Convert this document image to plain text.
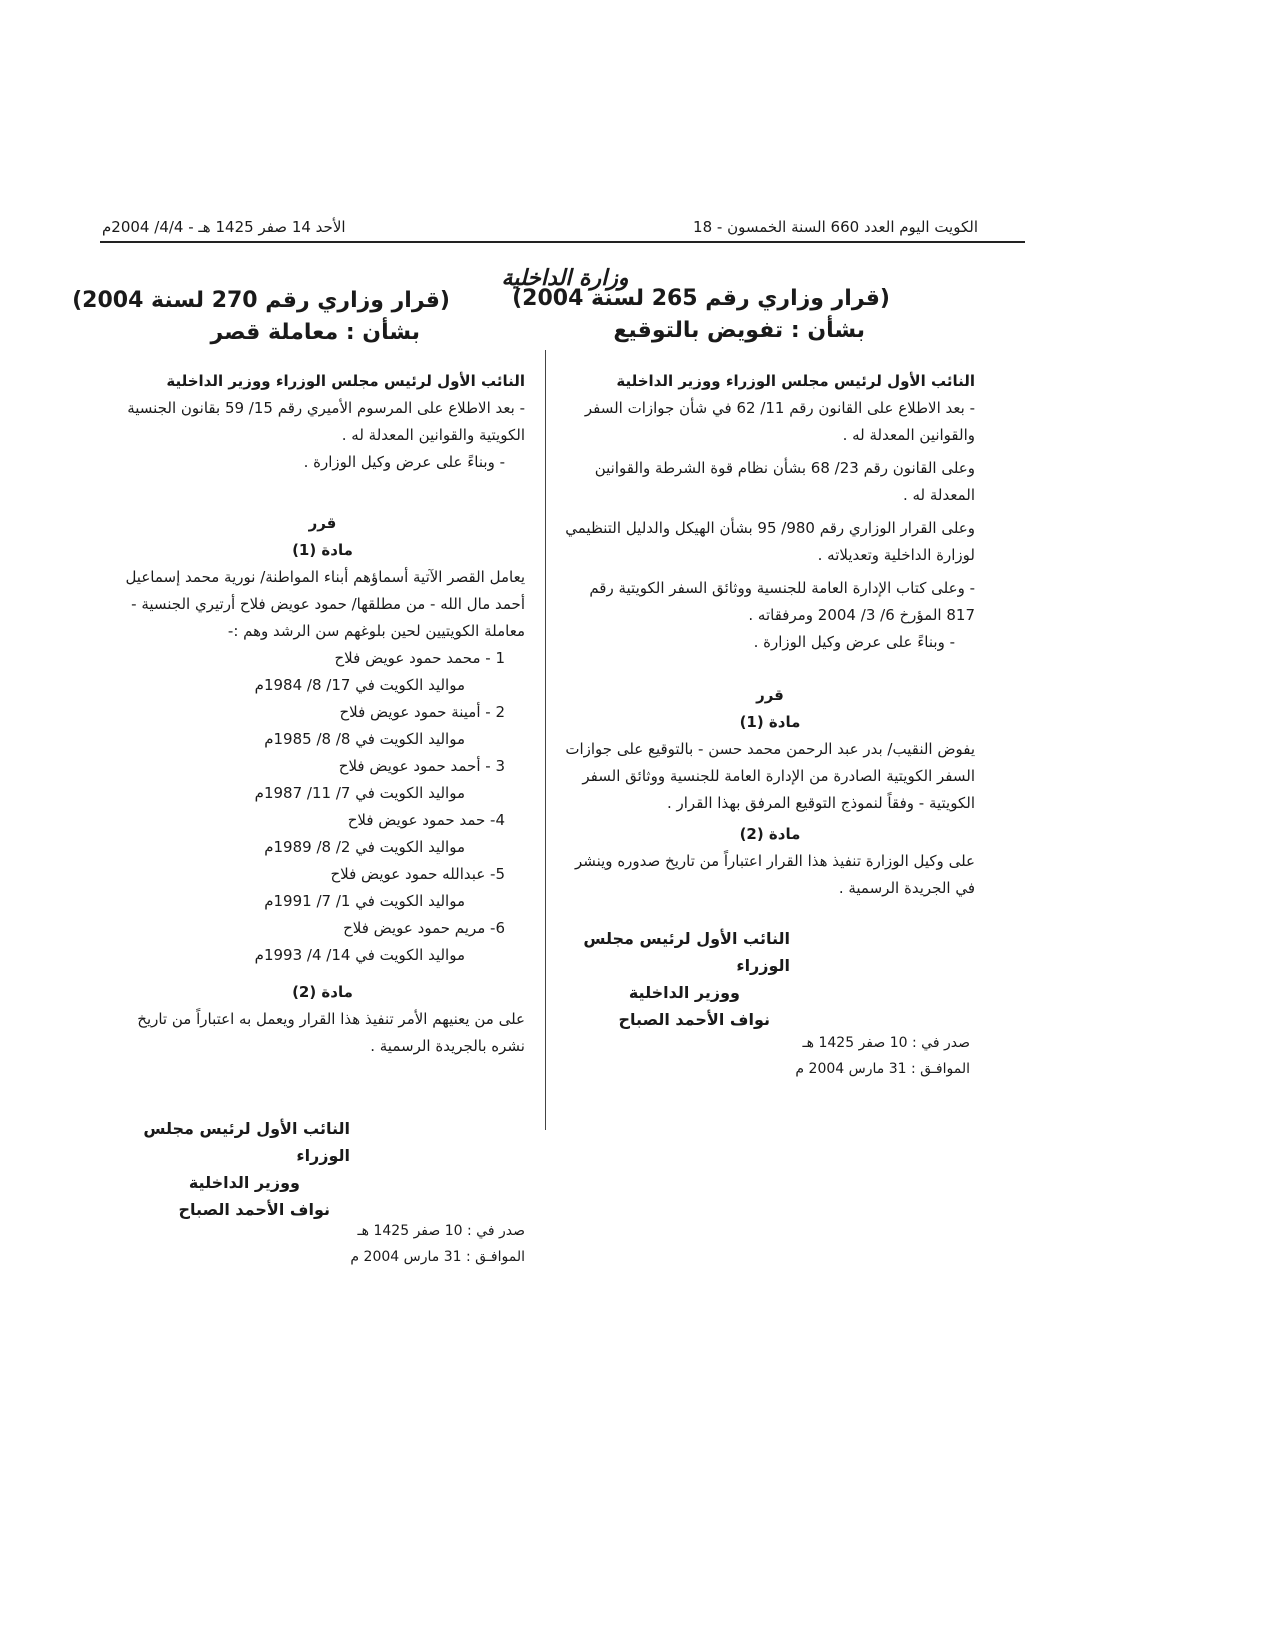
الكويت اليوم العدد 660 السنة الخمسون - 18
الأحد 14 صفر 1425 هـ - 4/4/ 2004م
وزارة الداخلية
(قرار وزاري رقم 265 لسنة 2004)
بشأن : تفويض بالتوقيع
(قرار وزاري رقم 270 لسنة 2004)
بشأن : معاملة قصر

النائب الأول لرئيس مجلس الوزراء ووزير الداخلية

- بعد الاطلاع على القانون رقم 11/ 62 في شأن جوازات السفر والقوانين المعدلة له .

وعلى القانون رقم 23/ 68 بشأن نظام قوة الشرطة والقوانين المعدلة له .

وعلى القرار الوزاري رقم 980/ 95 بشأن الهيكل والدليل التنظيمي لوزارة الداخلية وتعديلاته .

- وعلى كتاب الإدارة العامة للجنسية ووثائق السفر الكويتية رقم 817 المؤرخ 6/ 3/ 2004 ومرفقاته .

- وبناءً على عرض وكيل الوزارة .

قرر

مادة (1)

يفوض النقيب/ بدر عبد الرحمن محمد حسن - بالتوقيع على جوازات السفر الكويتية الصادرة من الإدارة العامة للجنسية ووثائق السفر الكويتية - وفقاً لنموذج التوقيع المرفق بهذا القرار .

مادة (2)

على وكيل الوزارة تنفيذ هذا القرار اعتباراً من تاريخ صدوره وينشر في الجريدة الرسمية .

النائب الأول لرئيس مجلس الوزراء

ووزير الداخلية

نواف الأحمد الصباح

صدر في : 10 صفر 1425 هـ

الموافـق : 31 مارس 2004 م

النائب الأول لرئيس مجلس الوزراء ووزير الداخلية

- بعد الاطلاع على المرسوم الأميري رقم 15/ 59 بقانون الجنسية الكويتية والقوانين المعدلة له .

- وبناءً على عرض وكيل الوزارة .

قرر

مادة (1)

يعامل القصر الآتية أسماؤهم أبناء المواطنة/ نورية محمد إسماعيل أحمد مال الله - من مطلقها/ حمود عويض فلاح أرتيري الجنسية - معاملة الكويتيين لحين بلوغهم سن الرشد وهم :-

1 - محمد حمود عويض فلاح

مواليد الكويت في 17/ 8/ 1984م

2 - أمينة حمود عويض فلاح

مواليد الكويت في 8/ 8/ 1985م

3 - أحمد حمود عويض فلاح

مواليد الكويت في 7/ 11/ 1987م

4- حمد حمود عويض فلاح

مواليد الكويت في 2/ 8/ 1989م

5- عبدالله حمود عويض فلاح

مواليد الكويت في 1/ 7/ 1991م

6- مريم حمود عويض فلاح

مواليد الكويت في 14/ 4/ 1993م

مادة (2)

على من يعنيهم الأمر تنفيذ هذا القرار ويعمل به اعتباراً من تاريخ نشره بالجريدة الرسمية .

النائب الأول لرئيس مجلس الوزراء

ووزير الداخلية

نواف الأحمد الصباح

صدر في : 10 صفر 1425 هـ

الموافـق : 31 مارس 2004 م
